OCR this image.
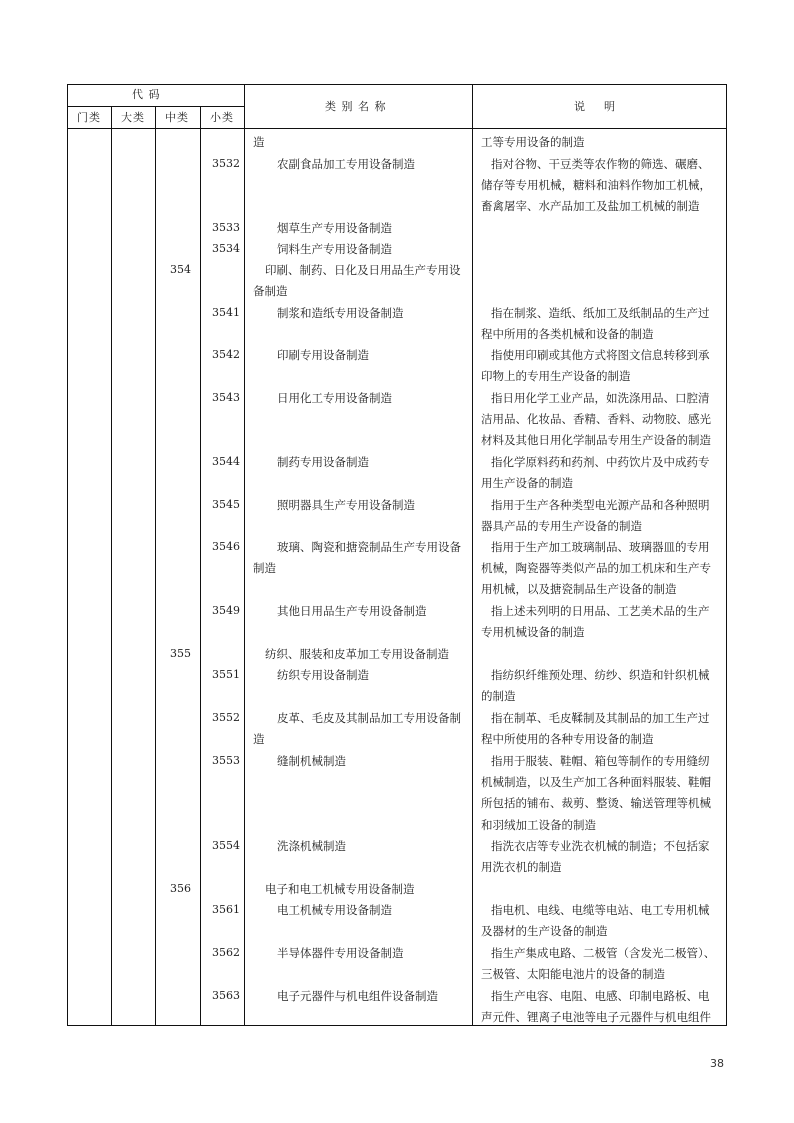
代 码
门类 大类 中类 小类
类 别 名 称	说    明
造	工等专用设备的制造
3532	农副食品加工专用设备制造	指对谷物、干豆类等农作物的筛选、碾磨、
储存等专用机械，糖料和油料作物加工机械，
畜禽屠宰、水产品加工及盐加工机械的制造
3533	烟草生产专用设备制造
3534	饲料生产专用设备制造
354	印刷、制药、日化及日用品生产专用设
备制造
3541	制浆和造纸专用设备制造	指在制浆、造纸、纸加工及纸制品的生产过
程中所用的各类机械和设备的制造
3542	印刷专用设备制造	指使用印刷或其他方式将图文信息转移到承
印物上的专用生产设备的制造
3543	日用化工专用设备制造	指日用化学工业产品，如洗涤用品、口腔清
洁用品、化妆品、香精、香料、动物胶、感光
材料及其他日用化学制品专用生产设备的制造
3544	制药专用设备制造	指化学原料药和药剂、中药饮片及中成药专
用生产设备的制造
3545	照明器具生产专用设备制造	指用于生产各种类型电光源产品和各种照明
器具产品的专用生产设备的制造
3546	玻璃、陶瓷和搪瓷制品生产专用设备
制造
指用于生产加工玻璃制品、玻璃器皿的专用
机械，陶瓷器等类似产品的加工机床和生产专
用机械，以及搪瓷制品生产设备的制造
3549	其他日用品生产专用设备制造	指上述未列明的日用品、工艺美术品的生产
专用机械设备的制造
355	纺织、服装和皮革加工专用设备制造
3551	纺织专用设备制造	指纺织纤维预处理、纺纱、织造和针织机械
的制造
3552	皮革、毛皮及其制品加工专用设备制
造
指在制革、毛皮鞣制及其制品的加工生产过
程中所使用的各种专用设备的制造
3553	缝制机械制造	指用于服装、鞋帽、箱包等制作的专用缝纫
机械制造，以及生产加工各种面料服装、鞋帽
所包括的铺布、裁剪、整烫、输送管理等机械
和羽绒加工设备的制造
3554	洗涤机械制造	指洗衣店等专业洗衣机械的制造；不包括家
用洗衣机的制造
356	电子和电工机械专用设备制造
3561	电工机械专用设备制造	指电机、电线、电缆等电站、电工专用机械
及器材的生产设备的制造
3562	半导体器件专用设备制造	指生产集成电路、二极管（含发光二极管）、
三极管、太阳能电池片的设备的制造
3563	电子元器件与机电组件设备制造	指生产电容、电阻、电感、印制电路板、电
声元件、锂离子电池等电子元器件与机电组件
38
